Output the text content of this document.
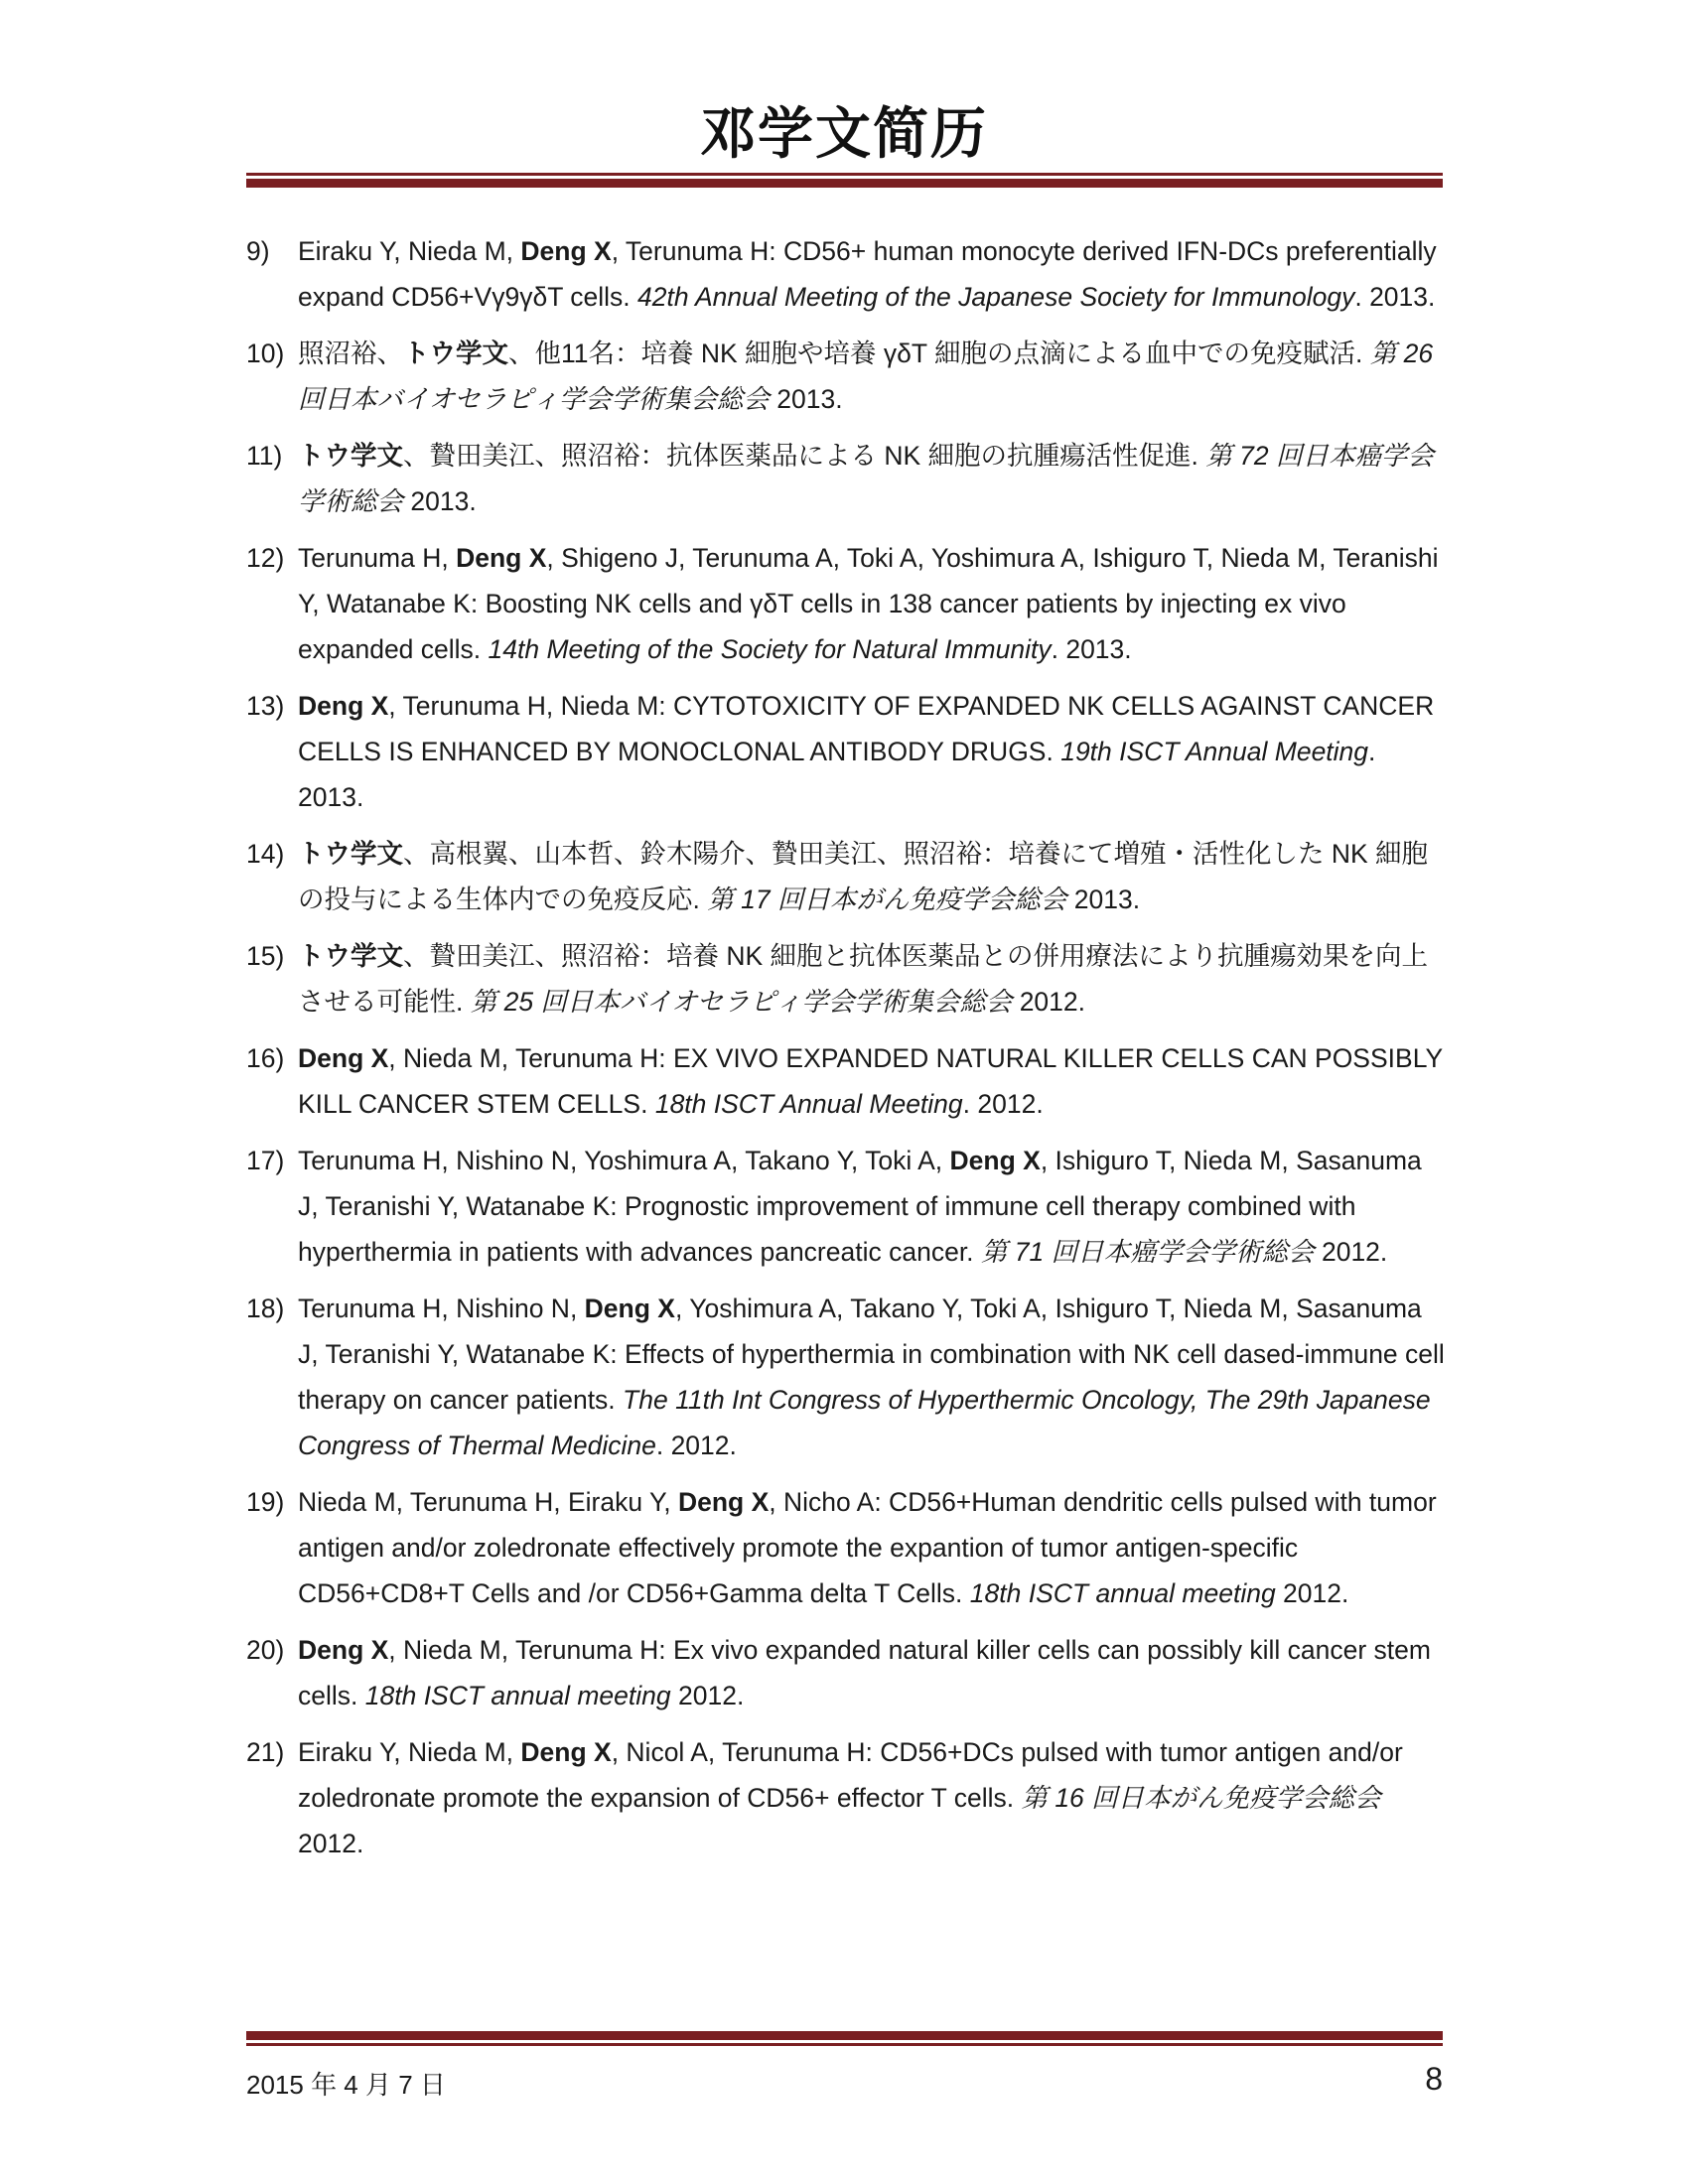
邓学文简历
9)	Eiraku Y, Nieda M, Deng X, Terunuma H: CD56+ human monocyte derived IFN-DCs preferentially expand CD56+Vγ9γδT cells. 42th Annual Meeting of the Japanese Society for Immunology. 2013.
10) 照沼裕、トウ学文、他11名：培養 NK 細胞や培養 γδT 細胞の点滴による血中での免疫賦活. 第 26 回日本バイオセラピィ学会学術集会総会 2013.
11) トウ学文、贄田美江、照沼裕：抗体医薬品による NK 細胞の抗腫瘍活性促進. 第 72 回日本癌学会学術総会 2013.
12) Terunuma H, Deng X, Shigeno J, Terunuma A, Toki A, Yoshimura A, Ishiguro T, Nieda M, Teranishi Y, Watanabe K: Boosting NK cells and γδT cells in 138 cancer patients by injecting ex vivo expanded cells. 14th Meeting of the Society for Natural Immunity. 2013.
13) Deng X, Terunuma H, Nieda M: CYTOTOXICITY OF EXPANDED NK CELLS AGAINST CANCER CELLS IS ENHANCED BY MONOCLONAL ANTIBODY DRUGS. 19th ISCT Annual Meeting. 2013.
14) トウ学文、高根翼、山本哲、鈴木陽介、贄田美江、照沼裕：培養にて増殖・活性化した NK 細胞の投与による生体内での免疫反応. 第 17 回日本がん免疫学会総会 2013.
15) トウ学文、贄田美江、照沼裕：培養 NK 細胞と抗体医薬品との併用療法により抗腫瘍効果を向上させる可能性. 第 25 回日本バイオセラピィ学会学術集会総会 2012.
16) Deng X, Nieda M, Terunuma H: EX VIVO EXPANDED NATURAL KILLER CELLS CAN POSSIBLY KILL CANCER STEM CELLS. 18th ISCT Annual Meeting. 2012.
17) Terunuma H, Nishino N, Yoshimura A, Takano Y, Toki A, Deng X, Ishiguro T, Nieda M, Sasanuma J, Teranishi Y, Watanabe K: Prognostic improvement of immune cell therapy combined with hyperthermia in patients with advances pancreatic cancer. 第 71 回日本癌学会学術総会 2012.
18) Terunuma H, Nishino N, Deng X, Yoshimura A, Takano Y, Toki A, Ishiguro T, Nieda M, Sasanuma J, Teranishi Y, Watanabe K: Effects of hyperthermia in combination with NK cell dased-immune cell therapy on cancer patients. The 11th Int Congress of Hyperthermic Oncology, The 29th Japanese Congress of Thermal Medicine. 2012.
19) Nieda M, Terunuma H, Eiraku Y, Deng X, Nicho A: CD56+Human dendritic cells pulsed with tumor antigen and/or zoledronate effectively promote the expantion of tumor antigen-specific CD56+CD8+T Cells and /or CD56+Gamma delta T Cells. 18th ISCT annual meeting 2012.
20) Deng X, Nieda M, Terunuma H: Ex vivo expanded natural killer cells can possibly kill cancer stem cells. 18th ISCT annual meeting 2012.
21) Eiraku Y, Nieda M, Deng X, Nicol A, Terunuma H: CD56+DCs pulsed with tumor antigen and/or zoledronate promote the expansion of CD56+ effector T cells. 第 16 回日本がん免疫学会総会 2012.
2015 年 4 月 7 日	8
